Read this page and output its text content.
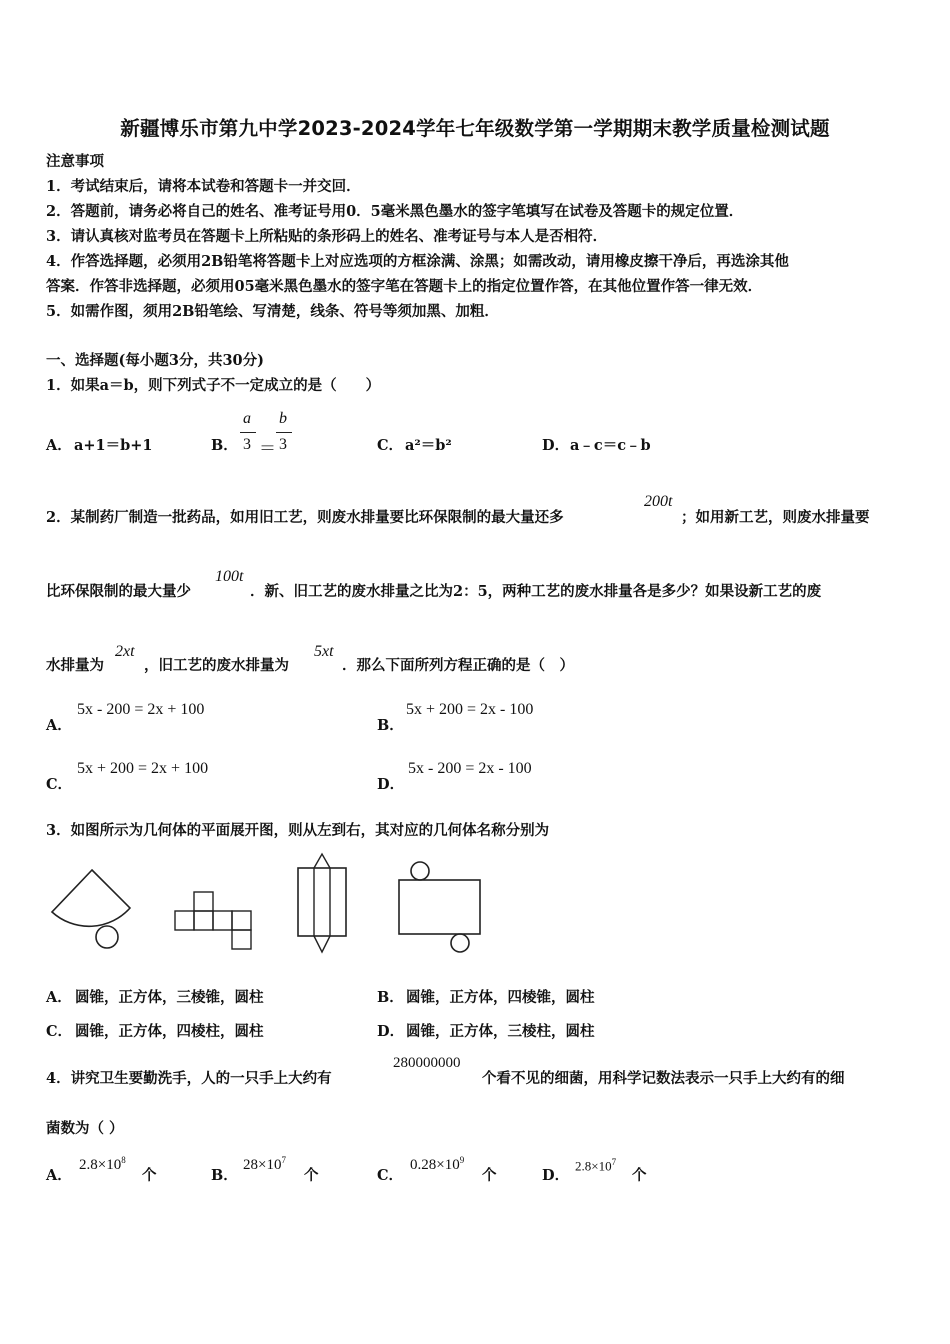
新疆博乐市第九中学2023-2024学年七年级数学第一学期期末教学质量检测试题
注意事项
1．考试结束后，请将本试卷和答题卡一并交回．
2．答题前，请务必将自己的姓名、准考证号用0．5毫米黑色墨水的签字笔填写在试卷及答题卡的规定位置．
3．请认真核对监考员在答题卡上所粘贴的条形码上的姓名、准考证号与本人是否相符．
4．作答选择题，必须用2B铅笔将答题卡上对应选项的方框涂满、涂黑；如需改动，请用橡皮擦干净后，再选涂其他
答案．作答非选择题，必须用05毫米黑色墨水的签字笔在答题卡上的指定位置作答，在其他位置作答一律无效．
5．如需作图，须用2B铅笔绘、写清楚，线条、符号等须加黑、加粗．
一、选择题(每小题3分，共30分)
1．如果a＝b，则下列式子不一定成立的是（　　）
A． a+1＝b+1	B．
a
3 ＝
b
3	C． a²＝b²	D． a﹣c＝c﹣b
2．某制药厂制造一批药品，如用旧工艺，则废水排量要比环保限制的最大量还多
200t
；如用新工艺，则废水排量要
比环保限制的最大量少
100t
．新、旧工艺的废水排量之比为2：5，两种工艺的废水排量各是多少？如果设新工艺的废
水排量为
2xt
，旧工艺的废水排量为
5xt
．那么下面所列方程正确的是（　）
A．
5x - 200 = 2x + 100
B．
5x + 200 = 2x - 100
C．
5x + 200 = 2x + 100
D．
5x - 200 = 2x - 100
3．如图所示为几何体的平面展开图，则从左到右，其对应的几何体名称分别为
A． 圆锥，正方体，三棱锥，圆柱	B． 圆锥，正方体，四棱锥，圆柱
C． 圆锥，正方体，四棱柱，圆柱	D． 圆锥，正方体，三棱柱，圆柱
4．讲究卫生要勤洗手，人的一只手上大约有
280000000
个看不见的细菌，用科学记数法表示一只手上大约有的细
菌数为（ ）
A．
$2.8\times 10^8$
个	B．
$28\times 10^7$
个	C．
$0.28\times 10^9$
个	D．
$2.8\times 10^7$
个
